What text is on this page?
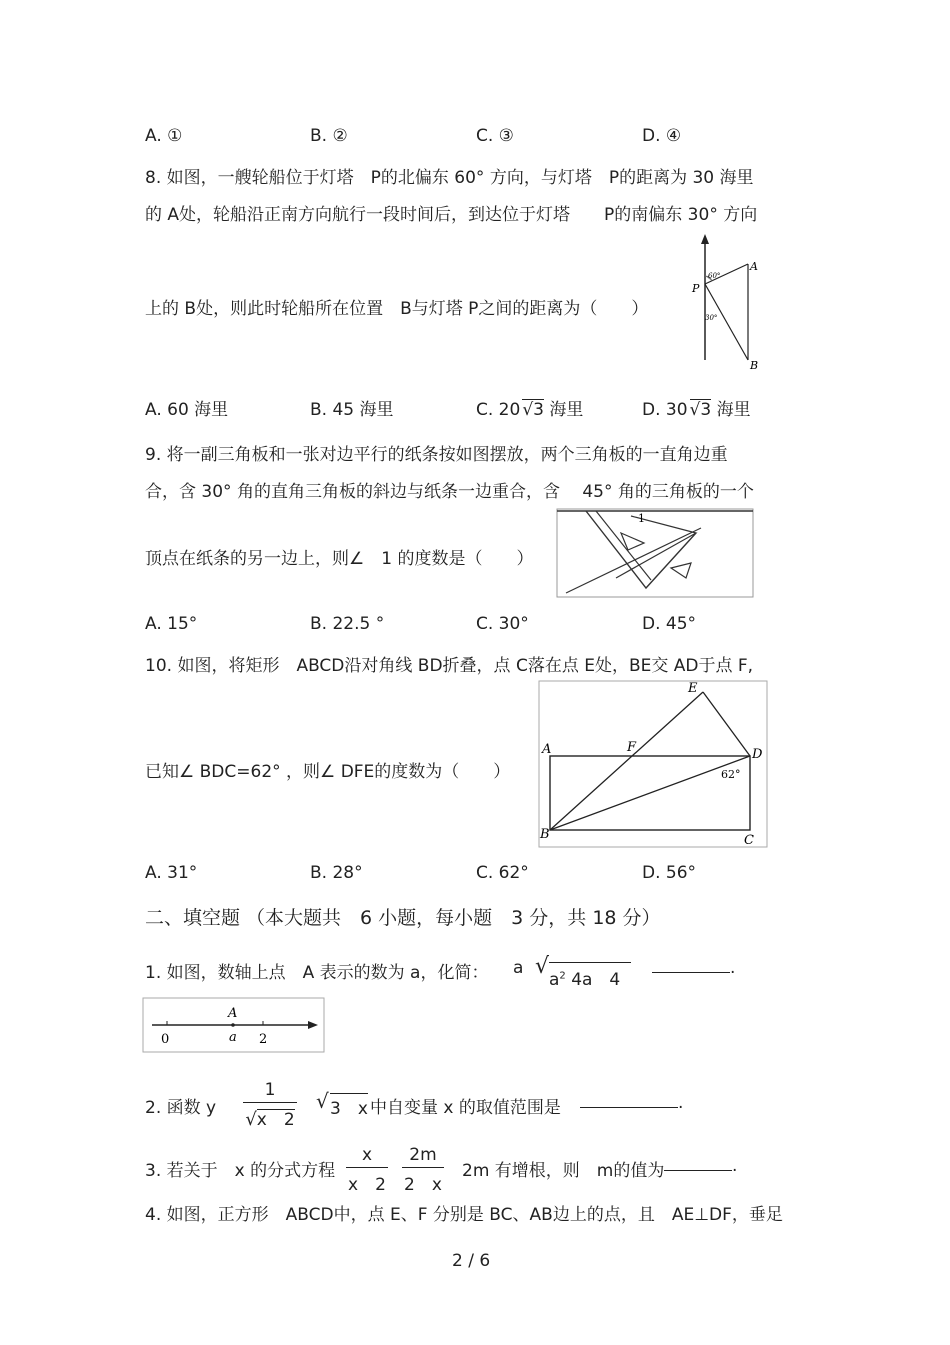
A. ①	B. ②	C. ③	D. ④
8. 如图，一艘轮船位于灯塔　P的北偏东 60° 方向，与灯塔　P的距离为 30 海里
的 A处，轮船沿正南方向航行一段时间后，到达位于灯塔　　P的南偏东 30° 方向
上的 B处，则此时轮船所在位置　B与灯塔 P之间的距离为（　　）
A
B
P
60°
30°
A. 60 海里	B. 45 海里	C. 20 √3 海里	D. 30 √3 海里
9. 将一副三角板和一张对边平行的纸条按如图摆放，两个三角板的一直角边重
合，含 30° 角的直角三角板的斜边与纸条一边重合，含　 45° 角的三角板的一个
顶点在纸条的另一边上，则∠　1 的度数是（　　）
1
A. 15°	B. 22.5 °	C. 30°	D. 45°
10. 如图，将矩形　ABCD沿对角线 BD折叠，点 C落在点 E处，BE交 AD于点 F,
已知∠ BDC=62° ，则∠ DFE的度数为（　　）
A
B	C
D
E
F
62°
A. 31°	B. 28°	C. 62°	D. 56°
二、填空题 （本大题共　6 小题，每小题　3 分，共 18 分）
1. 如图，数轴上点　A 表示的数为 a，化简： a √
$a^2$ 4a　4
.
A
0	a 2
2. 函数 y $\frac{1}{√x 2}$ √ 3　x 中自变量 x 的取值范围是	.
3. 若关于　x 的分式方程 $\frac{x}{x 2} \frac{2m}{2 x} 2m$ 有增根，则　m的值为	.
4. 如图，正方形　ABCD中，点 E、F 分别是 BC、AB边上的点，且　AE⊥DF，垂足
2 / 6
